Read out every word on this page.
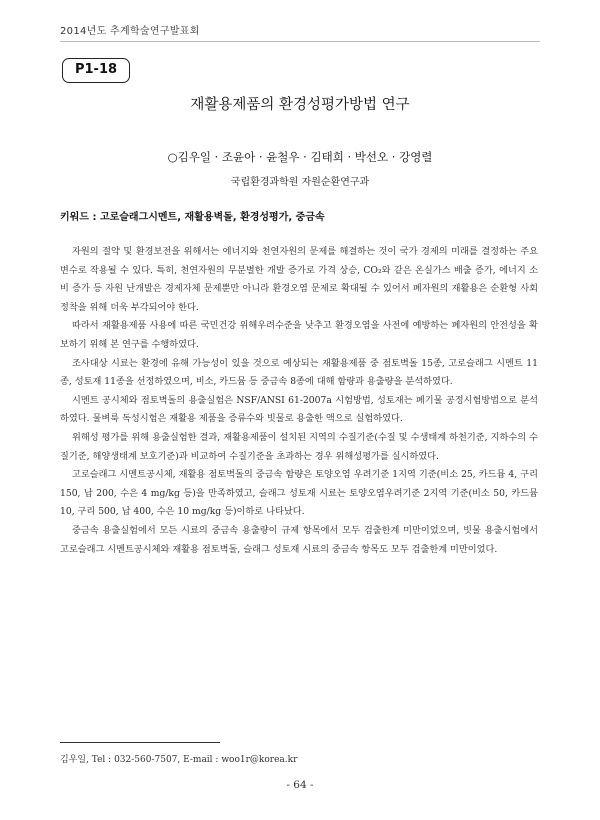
2014년도 추계학술연구발표회
P1-18
재활용제품의 환경성평가방법 연구
○김우일 · 조윤아 · 윤철우 · 김태희 · 박선오 · 강영렬
국립환경과학원 자원순환연구과
키워드 : 고로슬래그시멘트, 재활용벽돌, 환경성평가, 중금속

자원의 절약 및 환경보전을 위해서는 에너지와 천연자원의 문제를 해결하는 것이 국가 경제의 미래를 결정하는 주요변수로 작용될 수 있다. 특히, 천연자원의 무분별한 개발 증가로 가격 상승, CO₂와 같은 온실가스 배출 증가, 에너지 소비 증가 등 자원 난개발은 경제자체 문제뿐만 아니라 환경오염 문제로 확대될 수 있어서 폐자원의 재활용은 순환형 사회 정착을 위해 더욱 부각되어야 한다.

따라서 재활용제품 사용에 따른 국민건강 위해우려수준을 낮추고 환경오염을 사전에 예방하는 폐자원의 안전성을 확보하기 위해 본 연구를 수행하였다.

조사대상 시료는 환경에 유해 가능성이 있을 것으로 예상되는 재활용제품 중 점토벽돌 15종, 고로슬래그 시멘트 11종, 성토재 11종을 선정하였으며, 비소, 카드뮴 등 중금속 8종에 대해 함량과 용출량을 분석하였다.

시멘트 공시체와 점토벽돌의 용출실험은 NSF/ANSI 61-2007a 시험방법, 성토재는 폐기물 공정시험방법으로 분석하였다. 물벼룩 독성시험은 재활용 제품을 증류수와 빗물로 용출한 액으로 실험하였다.

위해성 평가를 위해 용출실험한 결과, 재활용제품이 설치된 지역의 수질기준(수질 및 수생태계 하천기준, 지하수의 수질기준, 해양생태계 보호기준)과 비교하여 수질기준을 초과하는 경우 위해성평가를 실시하였다.

고로슬래그 시멘트공시체, 재활용 점토벽돌의 중금속 함량은 토양오염 우려기준 1지역 기준(비소 25, 카드뮴 4, 구리 150, 납 200, 수은 4 mg/kg 등)을 만족하였고, 슬래그 성토재 시료는 토양오염우려기준 2지역 기준(비소 50, 카드뮴 10, 구리 500, 납 400, 수은 10 mg/kg 등)이하로 나타났다.

중금속 용출실험에서 모든 시료의 중금속 용출량이 규제 항목에서 모두 검출한계 미만이었으며, 빗물 용출시험에서 고로슬래그 시멘트공시체와 재활용 점토벽돌, 슬래그 성토재 시료의 중금속 항목도 모두 검출한계 미만이었다.

김우일, Tel : 032-560-7507, E-mail : woo1r@korea.kr
- 64 -
